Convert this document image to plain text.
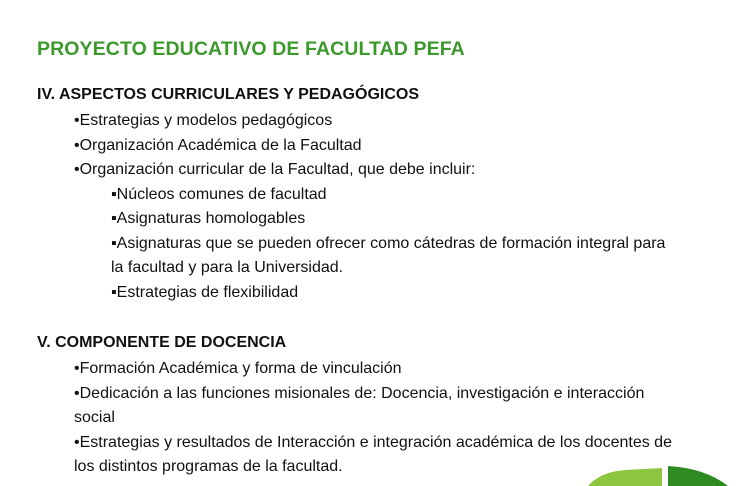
PROYECTO EDUCATIVO DE FACULTAD PEFA
IV. ASPECTOS CURRICULARES Y PEDAGÓGICOS
•Estrategias y modelos pedagógicos
•Organización Académica de la Facultad
•Organización curricular de la Facultad, que debe incluir:
▪Núcleos comunes de facultad
▪Asignaturas homologables
▪Asignaturas que se pueden ofrecer como cátedras de formación integral para la facultad y para la Universidad.
▪Estrategias de flexibilidad
V. COMPONENTE DE DOCENCIA
•Formación Académica y forma de vinculación
•Dedicación a las funciones misionales de: Docencia, investigación e interacción social
•Estrategias y resultados de Interacción e integración académica de los docentes de los distintos programas de la facultad.
